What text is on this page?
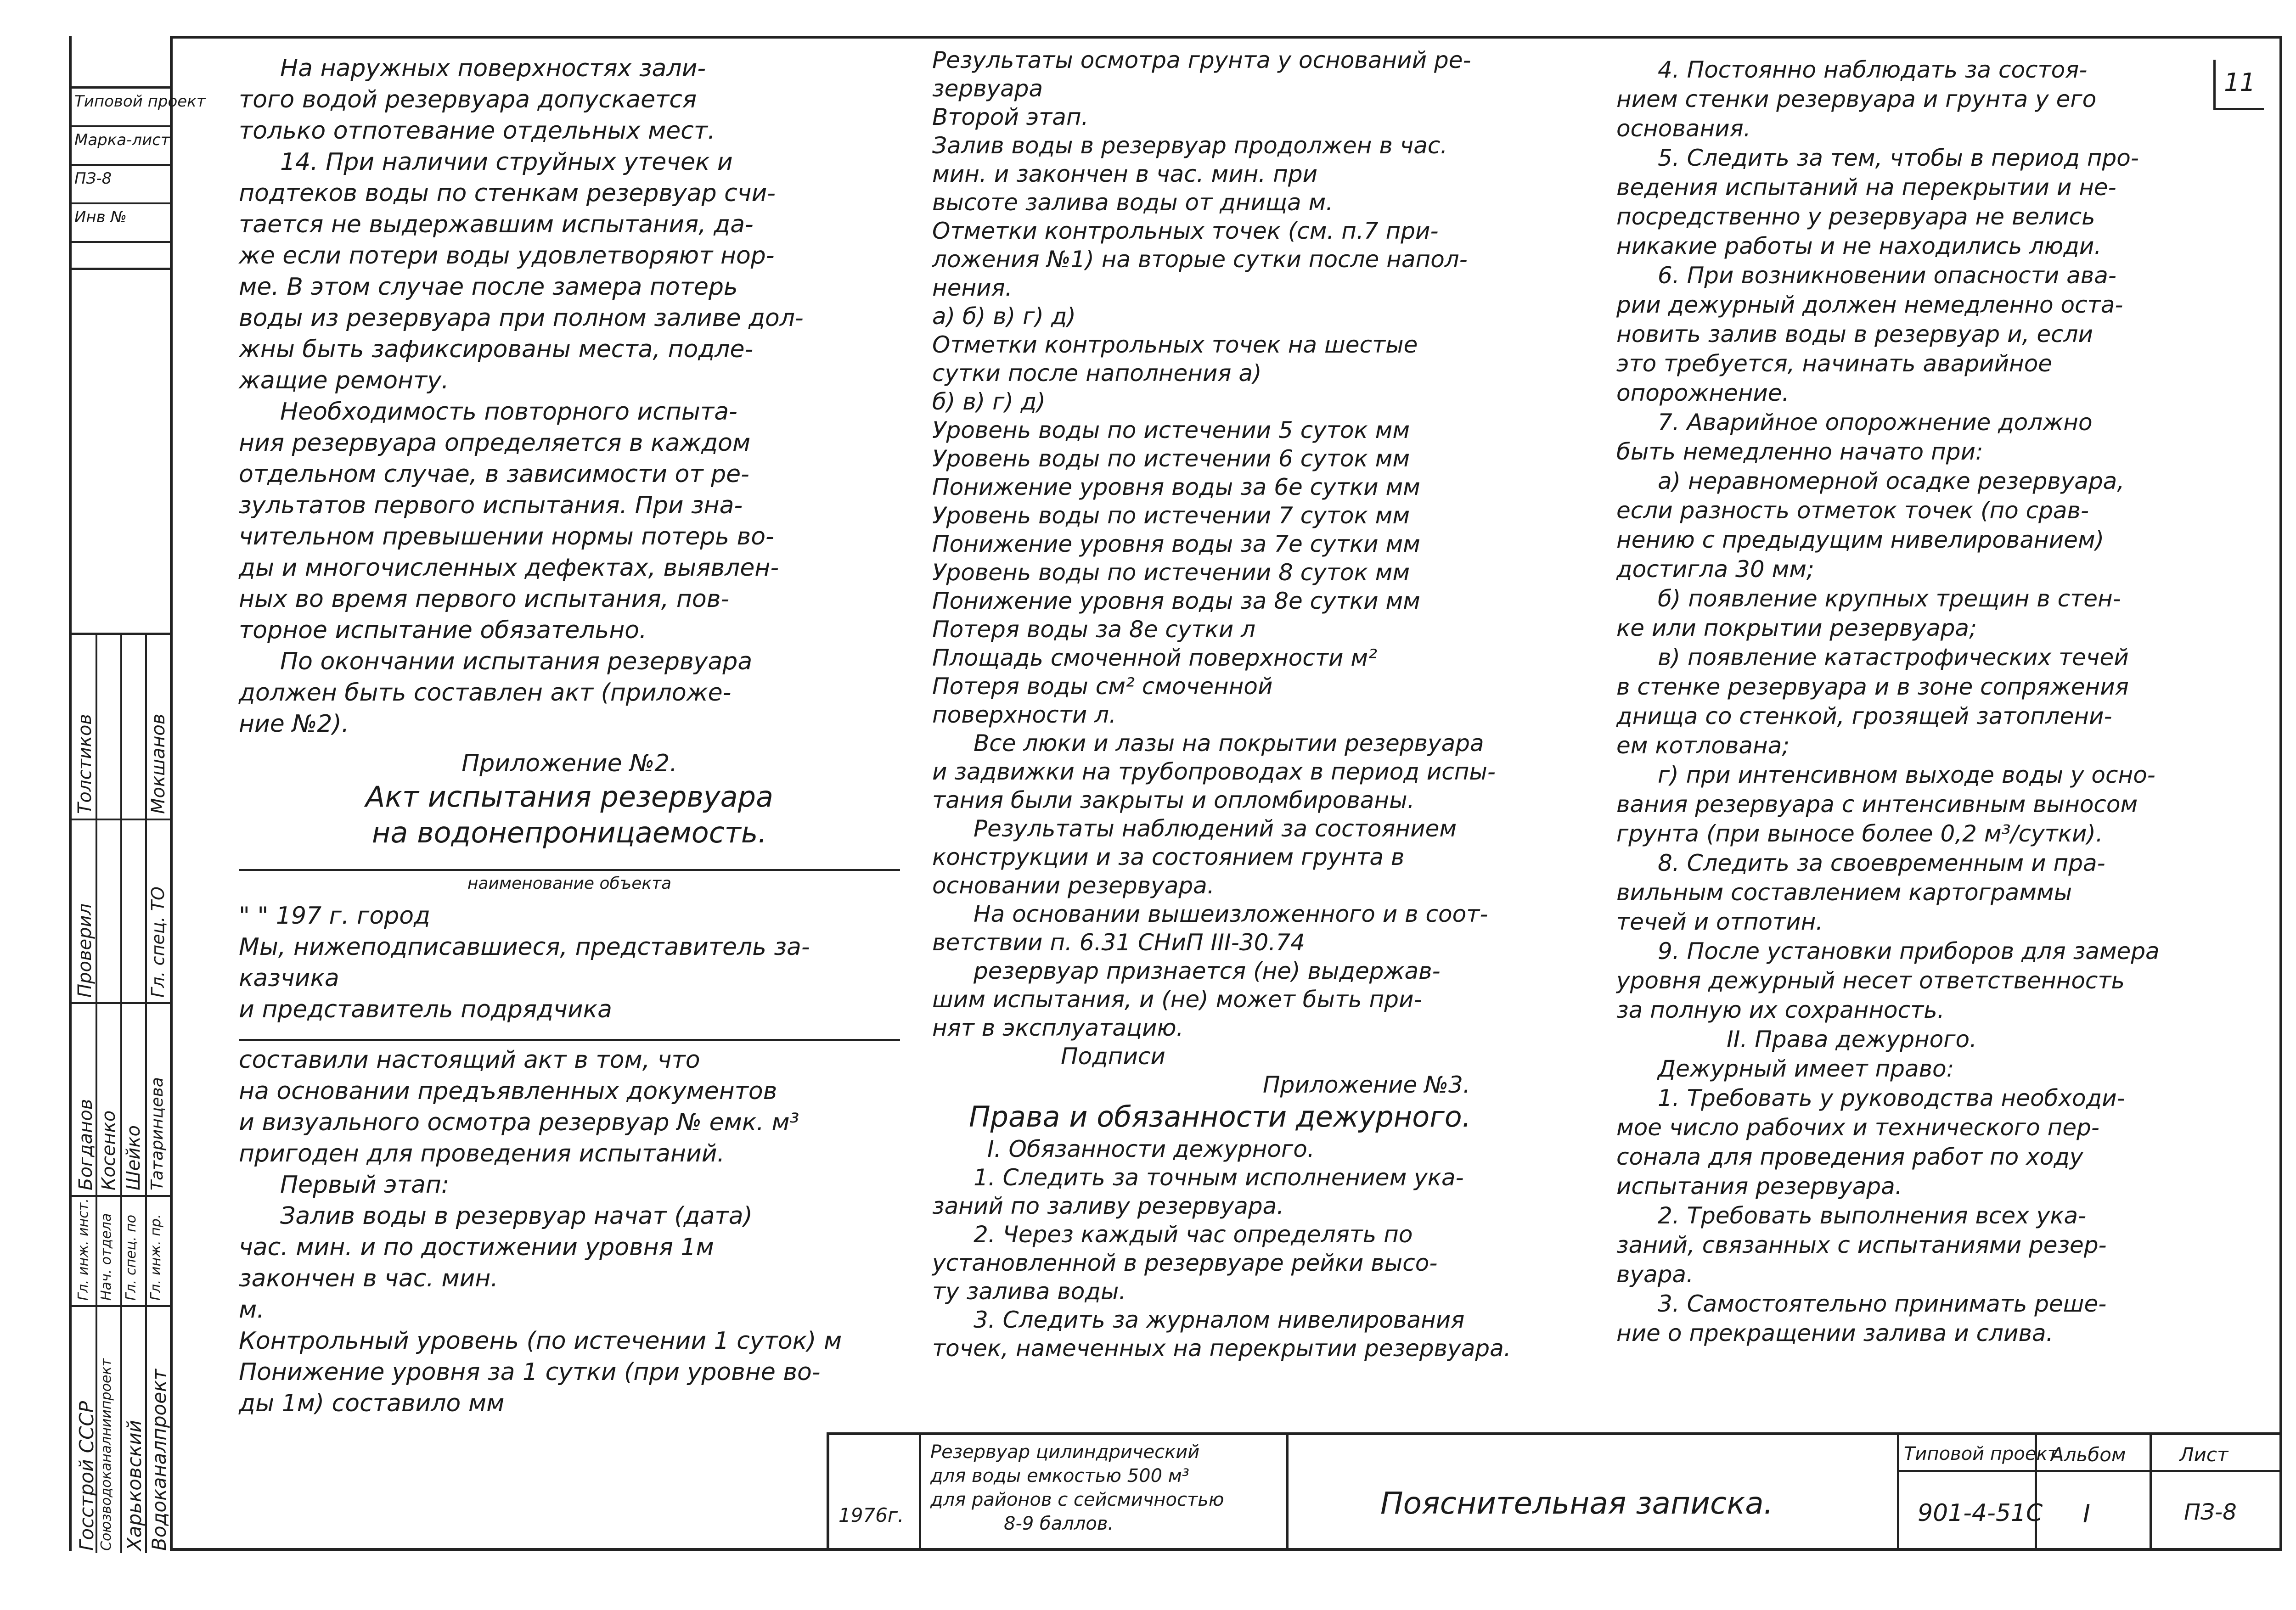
11
Типовой проект
Марка-лист
ПЗ-8
Инв №
Толстиков	Мокшанов
Проверил	Гл. спец. ТО
Богданов Косенко Шейко Татаринцева
Гл. инж. инст. Нач. отдела Гл. спец. по Гл. инж. пр.
Госстрой СССР Союзводоканалниипроект Харьковский Водоканалпроект

На наружных поверхностях зали-

того водой резервуара допускается

только отпотевание отдельных мест.

14. При наличии струйных утечек и

подтеков воды по стенкам резервуар счи-

тается не выдержавшим испытания, да-

же если потери воды удовлетворяют нор-

ме. В этом случае после замера потерь

воды из резервуара при полном заливе дол-

жны быть зафиксированы места, подле-

жащие ремонту.

Необходимость повторного испыта-

ния резервуара определяется в каждом

отдельном случае, в зависимости от ре-

зультатов первого испытания. При зна-

чительном превышении нормы потерь во-

ды и многочисленных дефектах, выявлен-

ных во время первого испытания, пов-

торное испытание обязательно.

По окончании испытания резервуара

должен быть составлен акт (приложе-

ние №2).

Приложение №2.

Акт испытания резервуара

на водонепроницаемость.

наименование объекта

" " 197 г. город

Мы, нижеподписавшиеся, представитель за-

казчика

и представитель подрядчика

составили настоящий акт в том, что

на основании предъявленных документов

и визуального осмотра резервуар № емк. м³

пригоден для проведения испытаний.

Первый этап:

Залив воды в резервуар начат (дата)

час. мин. и по достижении уровня 1м

закончен в час. мин.

м.

Контрольный уровень (по истечении 1 суток) м

Понижение уровня за 1 сутки (при уровне во-

ды 1м) составило мм

Результаты осмотра грунта у оснований ре-

зервуара

Второй этап.

Залив воды в резервуар продолжен в час.

мин. и закончен в час. мин. при

высоте залива воды от днища м.

Отметки контрольных точек (см. п.7 при-

ложения №1) на вторые сутки после напол-

нения.

а) б) в) г) д)

Отметки контрольных точек на шестые

сутки после наполнения а)

б) в) г) д)

Уровень воды по истечении 5 суток мм

Уровень воды по истечении 6 суток мм

Понижение уровня воды за 6е сутки мм

Уровень воды по истечении 7 суток мм

Понижение уровня воды за 7е сутки мм

Уровень воды по истечении 8 суток мм

Понижение уровня воды за 8е сутки мм

Потеря воды за 8е сутки л

Площадь смоченной поверхности м²

Потеря воды см² смоченной

поверхности л.

Все люки и лазы на покрытии резервуара

и задвижки на трубопроводах в период испы-

тания были закрыты и опломбированы.

Результаты наблюдений за состоянием

конструкции и за состоянием грунта в

основании резервуара.

На основании вышеизложенного и в соот-

ветствии п. 6.31 СНиП III-30.74

резервуар признается (не) выдержав-

шим испытания, и (не) может быть при-

нят в эксплуатацию.

Подписи

Приложение №3.

Права и обязанности дежурного.

I. Обязанности дежурного.

1. Следить за точным исполнением ука-

заний по заливу резервуара.

2. Через каждый час определять по

установленной в резервуаре рейки высо-

ту залива воды.

3. Следить за журналом нивелирования

точек, намеченных на перекрытии резервуара.

4. Постоянно наблюдать за состоя-

нием стенки резервуара и грунта у его

основания.

5. Следить за тем, чтобы в период про-

ведения испытаний на перекрытии и не-

посредственно у резервуара не велись

никакие работы и не находились люди.

6. При возникновении опасности ава-

рии дежурный должен немедленно оста-

новить залив воды в резервуар и, если

это требуется, начинать аварийное

опорожнение.

7. Аварийное опорожнение должно

быть немедленно начато при:

а) неравномерной осадке резервуара,

если разность отметок точек (по срав-

нению с предыдущим нивелированием)

достигла 30 мм;

б) появление крупных трещин в стен-

ке или покрытии резервуара;

в) появление катастрофических течей

в стенке резервуара и в зоне сопряжения

днища со стенкой, грозящей затоплени-

ем котлована;

г) при интенсивном выходе воды у осно-

вания резервуара с интенсивным выносом

грунта (при выносе более 0,2 м³/сутки).

8. Следить за своевременным и пра-

вильным составлением картограммы

течей и отпотин.

9. После установки приборов для замера

уровня дежурный несет ответственность

за полную их сохранность.

II. Права дежурного.

Дежурный имеет право:

1. Требовать у руководства необходи-

мое число рабочих и технического пер-

сонала для проведения работ по ходу

испытания резервуара.

2. Требовать выполнения всех ука-

заний, связанных с испытаниями резер-

вуара.

3. Самостоятельно принимать реше-

ние о прекращении залива и слива.

1976г.
Резервуар цилиндрический
для воды емкостью 500 м³
для районов с сейсмичностью
8-9 баллов.
Пояснительная записка.
Типовой проект
901-4-51С
Альбом
I
Лист
ПЗ-8
